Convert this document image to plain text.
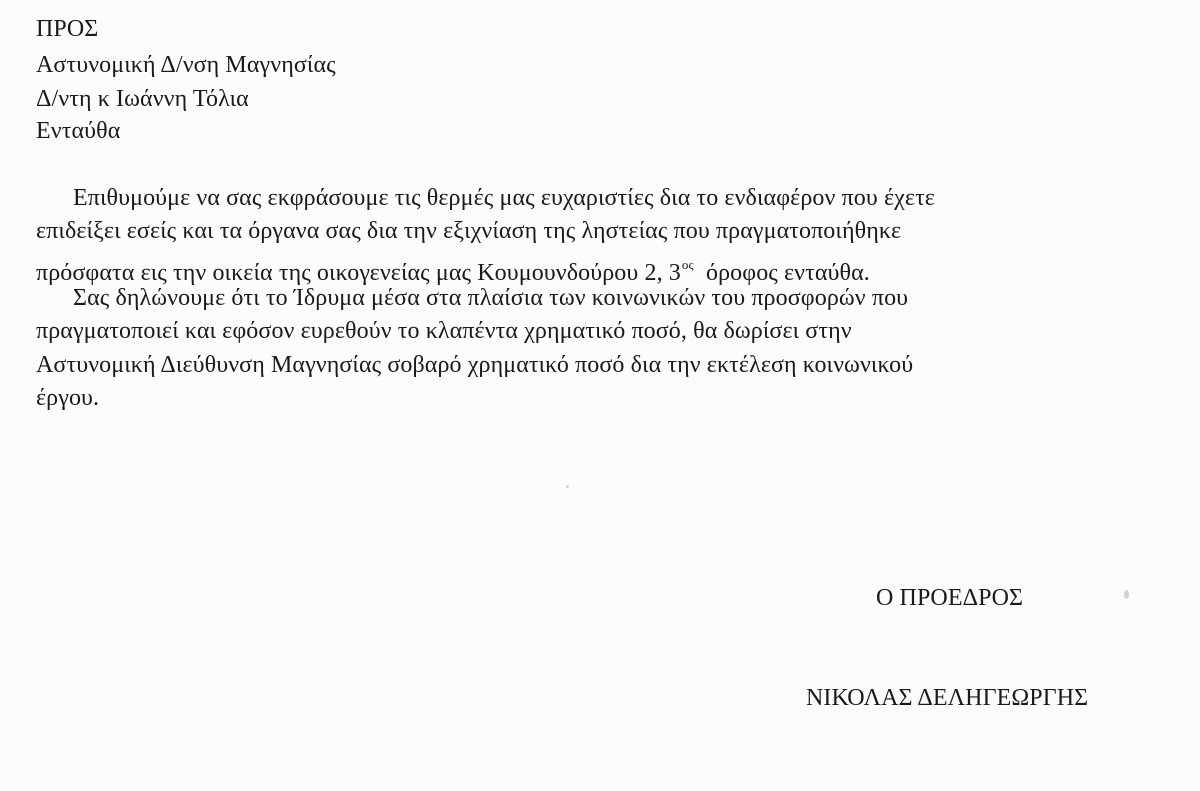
ΠΡΟΣ
Αστυνομική Δ/νση Μαγνησίας
Δ/ντη κ Ιωάννη Τόλια
Ενταύθα
Επιθυμούμε να σας εκφράσουμε τις θερμές μας ευχαριστίες δια το ενδιαφέρον που έχετε
επιδείξει εσείς και τα όργανα σας δια την εξιχνίαση της ληστείας που πραγματοποιήθηκε
πρόσφατα εις την οικεία της οικογενείας μας Κουμουνδούρου 2, $3^{o\varsigma}$  όροφος ενταύθα.
Σας δηλώνουμε ότι το Ίδρυμα μέσα στα πλαίσια των κοινωνικών του προσφορών που
πραγματοποιεί και εφόσον ευρεθούν το κλαπέντα χρηματικό ποσό, θα δωρίσει στην
Αστυνομική Διεύθυνση Μαγνησίας σοβαρό χρηματικό ποσό δια την εκτέλεση κοινωνικού
έργου.
Ο ΠΡΟΕΔΡΟΣ
ΝΙΚΟΛΑΣ ΔΕΛΗΓΕΩΡΓΗΣ
